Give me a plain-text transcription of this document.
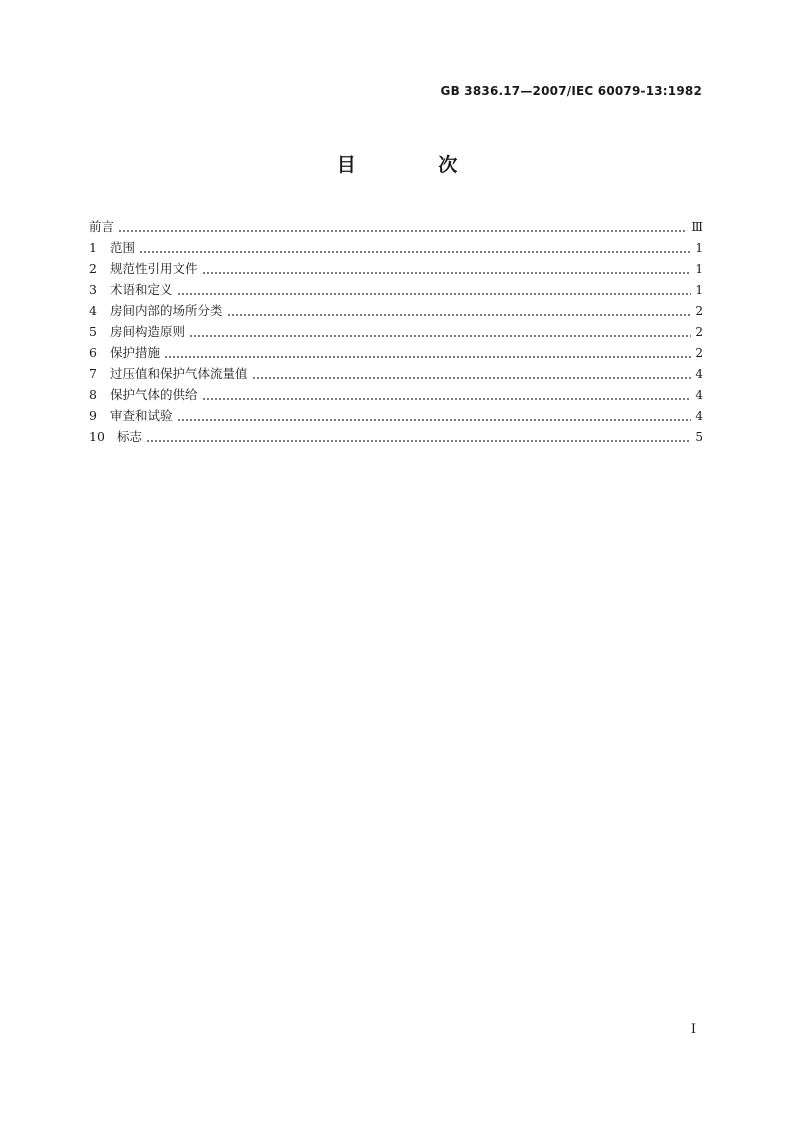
GB 3836.17—2007/IEC 60079-13:1982
目 次
前言	Ⅲ
1	范围	1
2	规范性引用文件	1
3	术语和定义	1
4	房间内部的场所分类	2
5	房间构造原则	2
6	保护措施	2
7	过压值和保护气体流量值	4
8	保护气体的供给	4
9	审查和试验	4
10 标志	5
I
